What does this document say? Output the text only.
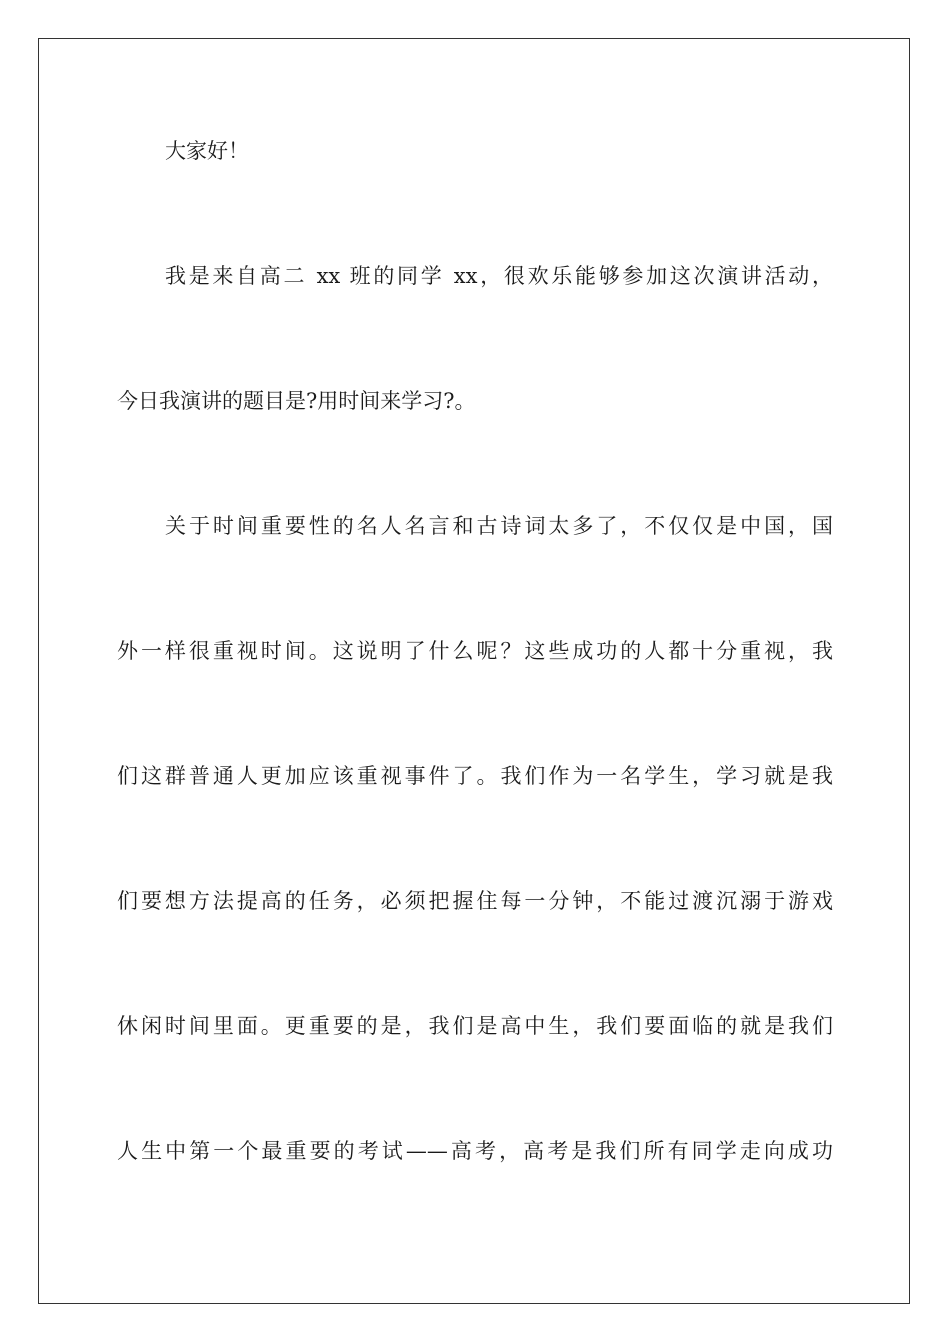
大家好！
我是来自高二 xx 班的同学 xx，很欢乐能够参加这次演讲活动，
今日我演讲的题目是?用时间来学习?。
关于时间重要性的名人名言和古诗词太多了，不仅仅是中国，国
外一样很重视时间。这说明了什么呢？这些成功的人都十分重视，我
们这群普通人更加应该重视事件了。我们作为一名学生，学习就是我
们要想方法提高的任务，必须把握住每一分钟，不能过渡沉溺于游戏
休闲时间里面。更重要的是，我们是高中生，我们要面临的就是我们
人生中第一个最重要的考试——高考，高考是我们所有同学走向成功
